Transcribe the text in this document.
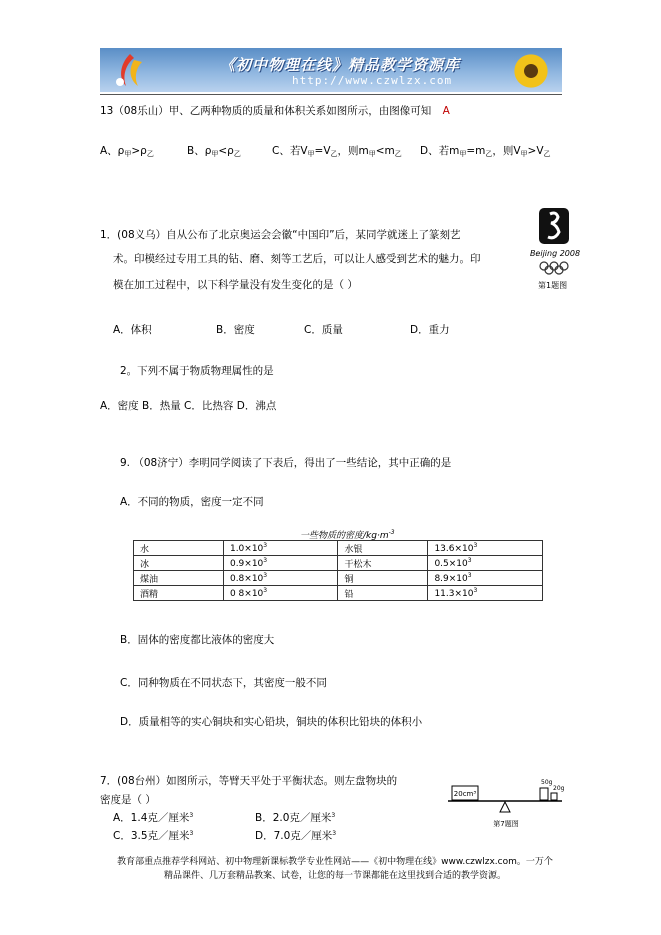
《初中物理在线》精品教学资源库
http://www.czwlzx.com
13（08乐山）甲、乙两种物质的质量和体积关系如图所示，由图像可知 A
A、$\rho_甲>\rho_乙$	B、$\rho_甲<\rho_乙$	C、若$V_甲=V_乙$，则$m_甲<m_乙$ D、若$m_甲=m_乙$，则$V_甲>V_乙$
1．(08义乌）自从公布了北京奥运会会徽“中国印”后，某同学就迷上了篆刻艺
术。印模经过专用工具的钻、磨、刻等工艺后，可以让人感受到艺术的魅力。印
模在加工过程中，以下科学量没有发生变化的是（ ）
Beijing 2008
第1题图
A．体积	B．密度	C．质量	D．重力
2。下列不属于物质物理属性的是
A．密度 B．热量 C．比热容 D．沸点
9. （08济宁）李明同学阅读了下表后，得出了一些结论，其中正确的是
A．不同的物质，密度一定不同
一些物质的密度$/kg\cdot m^{-3}$
水	$1.0\times 10^3$	水银	$13.6\times 10^3$
冰	$0.9\times 10^3$	干松木	$0.5\times 10^3$
煤油	$0.8\times 10^3$	铜	$8.9\times 10^3$
酒精	0 $8\times 10^3$	铅	$11.3\times 10^3$
B．固体的密度都比液体的密度大
C．同种物质在不同状态下，其密度一般不同
D．质量相等的实心铜块和实心铅块，铜块的体积比铅块的体积小
7．(08台州）如图所示，等臂天平处于平衡状态。则左盘物块的
密度是（ ）
A．1.4克／厘米$^3$	B．2.0克／厘米$^3$
C．3.5克／厘米$^3$	D．7.0克／厘米$^3$
20cm³
50g
20g
第7题图
教育部重点推荐学科网站、初中物理新课标教学专业性网站——《初中物理在线》www.czwlzx.com。一万个
精品课件、几万套精品教案、试卷，让您的每一节课都能在这里找到合适的教学资源。
